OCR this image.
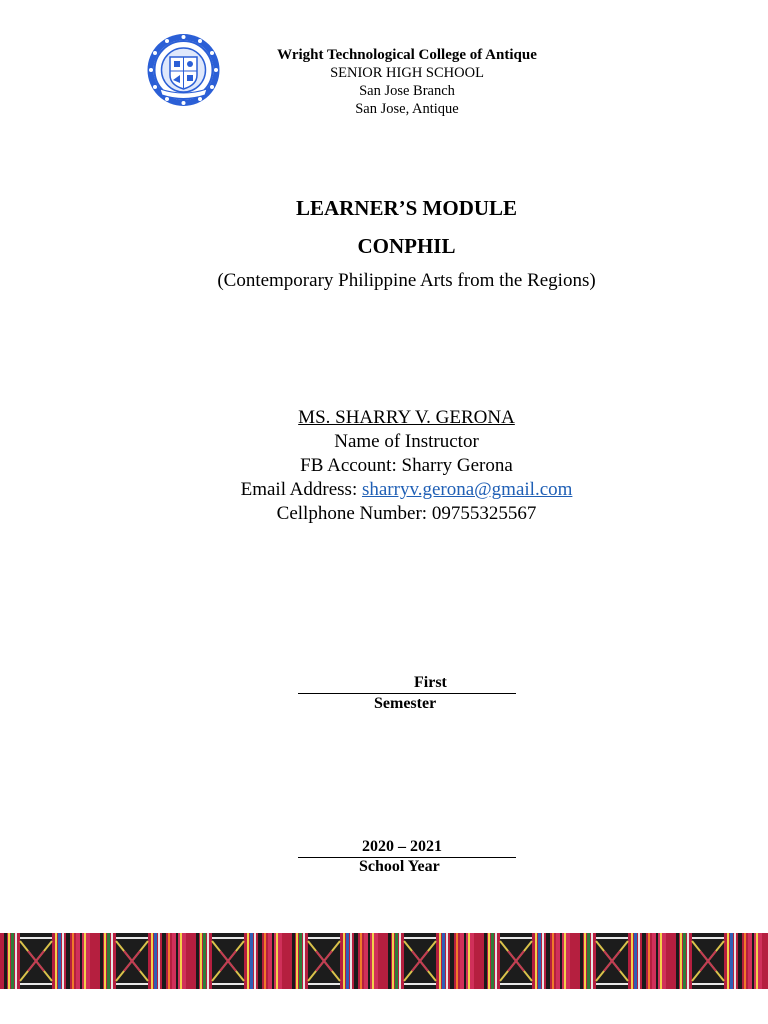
Wright Technological College of Antique
SENIOR HIGH SCHOOL
San Jose Branch
San Jose, Antique
LEARNER’S MODULE
CONPHIL
(Contemporary Philippine Arts from the Regions)
MS. SHARRY V. GERONA
Name of Instructor
FB Account: Sharry Gerona
Email Address: sharryv.gerona@gmail.com
Cellphone Number: 09755325567
First
Semester
2020 – 2021
School Year
